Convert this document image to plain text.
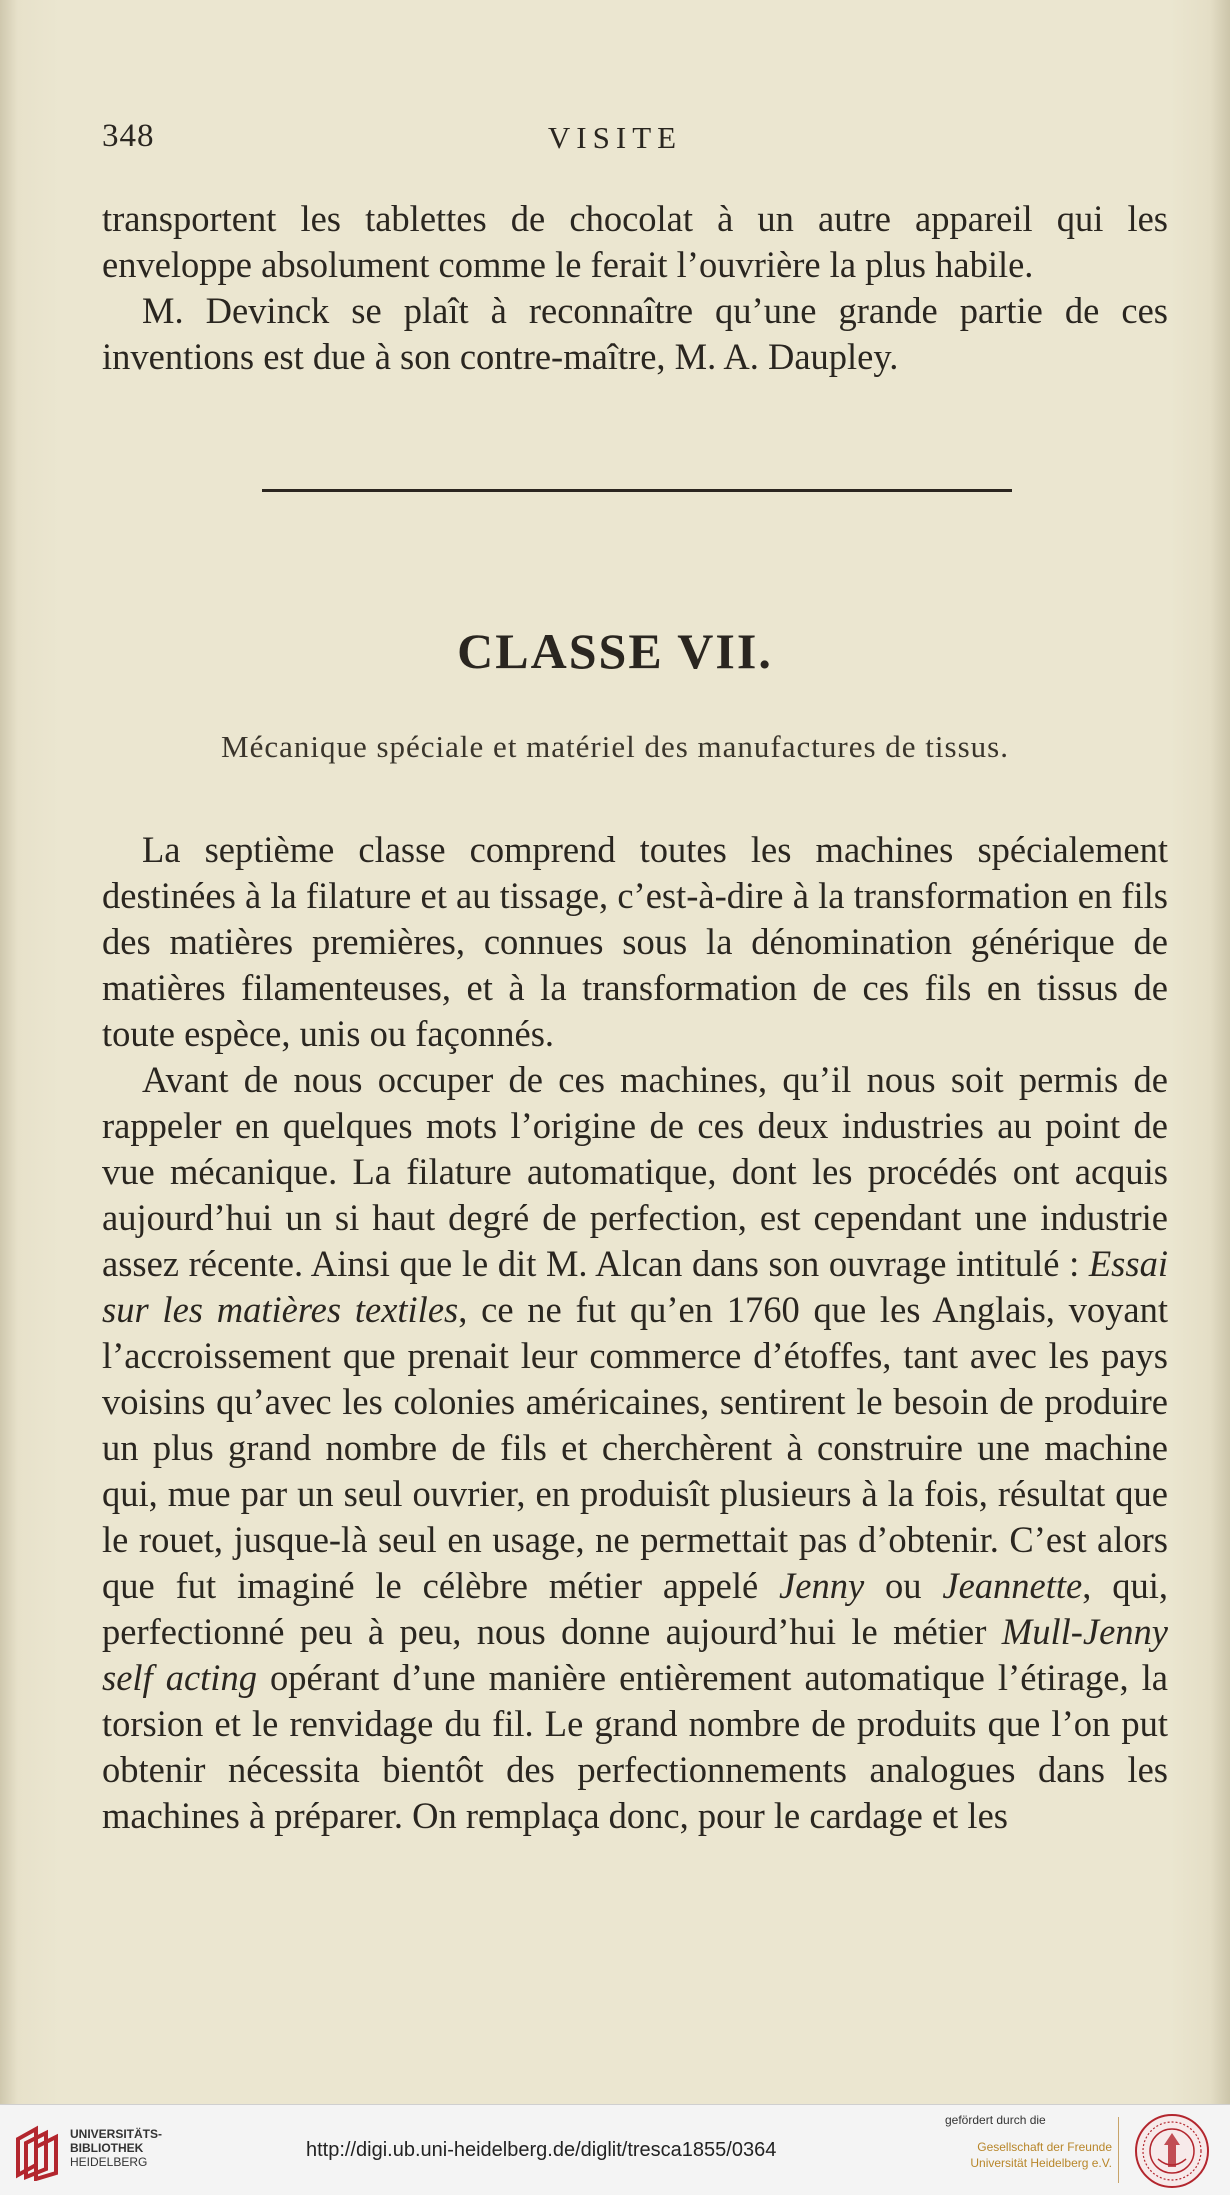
348	VISITE

transportent les tablettes de chocolat à un autre appareil qui les enveloppe absolument comme le ferait l’ouvrière la plus habile.

M. Devinck se plaît à reconnaître qu’une grande partie de ces inventions est due à son contre-maître, M. A. Daupley.

CLASSE VII.
Mécanique spéciale et matériel des manufactures de tissus.

La septième classe comprend toutes les machines spécialement destinées à la filature et au tissage, c’est-à-dire à la transformation en fils des matières premières, connues sous la dénomination générique de matières filamenteuses, et à la transformation de ces fils en tissus de toute espèce, unis ou façonnés.

Avant de nous occuper de ces machines, qu’il nous soit permis de rappeler en quelques mots l’origine de ces deux industries au point de vue mécanique. La filature automatique, dont les procédés ont acquis aujourd’hui un si haut degré de perfection, est cependant une industrie assez récente. Ainsi que le dit M. Alcan dans son ouvrage intitulé : Essai sur les matières textiles, ce ne fut qu’en 1760 que les Anglais, voyant l’accroissement que prenait leur commerce d’étoffes, tant avec les pays voisins qu’avec les colonies américaines, sentirent le besoin de produire un plus grand nombre de fils et cherchèrent à construire une machine qui, mue par un seul ouvrier, en produisît plusieurs à la fois, résultat que le rouet, jusque-là seul en usage, ne permettait pas d’obtenir. C’est alors que fut imaginé le célèbre métier appelé Jenny ou Jeannette, qui, perfectionné peu à peu, nous donne aujourd’hui le métier Mull-Jenny self acting opérant d’une manière entièrement automatique l’étirage, la torsion et le renvidage du fil. Le grand nombre de produits que l’on put obtenir nécessita bientôt des perfectionnements analogues dans les machines à préparer. On remplaça donc, pour le cardage et les

UNIVERSITÄTS-
BIBLIOTHEK
HEIDELBERG
http://digi.ub.uni-heidelberg.de/diglit/tresca1855/0364
gefördert durch die
Gesellschaft der Freunde
Universität Heidelberg e.V.
